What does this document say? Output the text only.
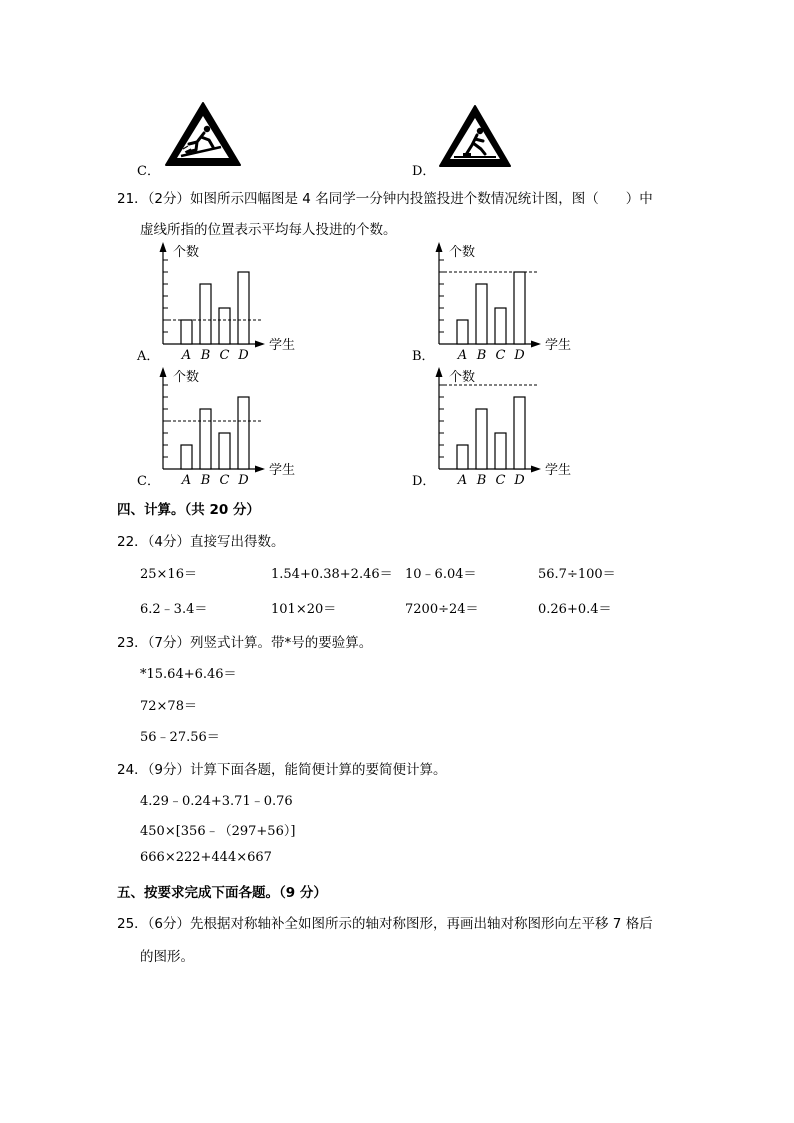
C．	D．
21．（2分）如图所示四幅图是 4 名同学一分钟内投篮投进个数情况统计图，图（　　）中
虚线所指的位置表示平均每人投进的个数。
A B C D
个数
学生
A．	A B C D
个数
学生
B．
A B C D
个数
学生
C．	A B C D
个数
学生
D．
四、计算。（共 20 分）
22．（4分）直接写出得数。
25×16＝	1.54+0.38+2.46＝ 10﹣6.04＝	56.7÷100＝
6.2﹣3.4＝	101×20＝	7200÷24＝	0.26+0.4＝
23．（7分）列竖式计算。带*号的要验算。
*15.64+6.46＝
72×78＝
56﹣27.56＝
24．（9分）计算下面各题，能简便计算的要简便计算。
4.29﹣0.24+3.71﹣0.76
450×[356﹣（297+56）]
666×222+444×667
五、按要求完成下面各题。（9 分）
25．（6分）先根据对称轴补全如图所示的轴对称图形，再画出轴对称图形向左平移 7 格后
的图形。
